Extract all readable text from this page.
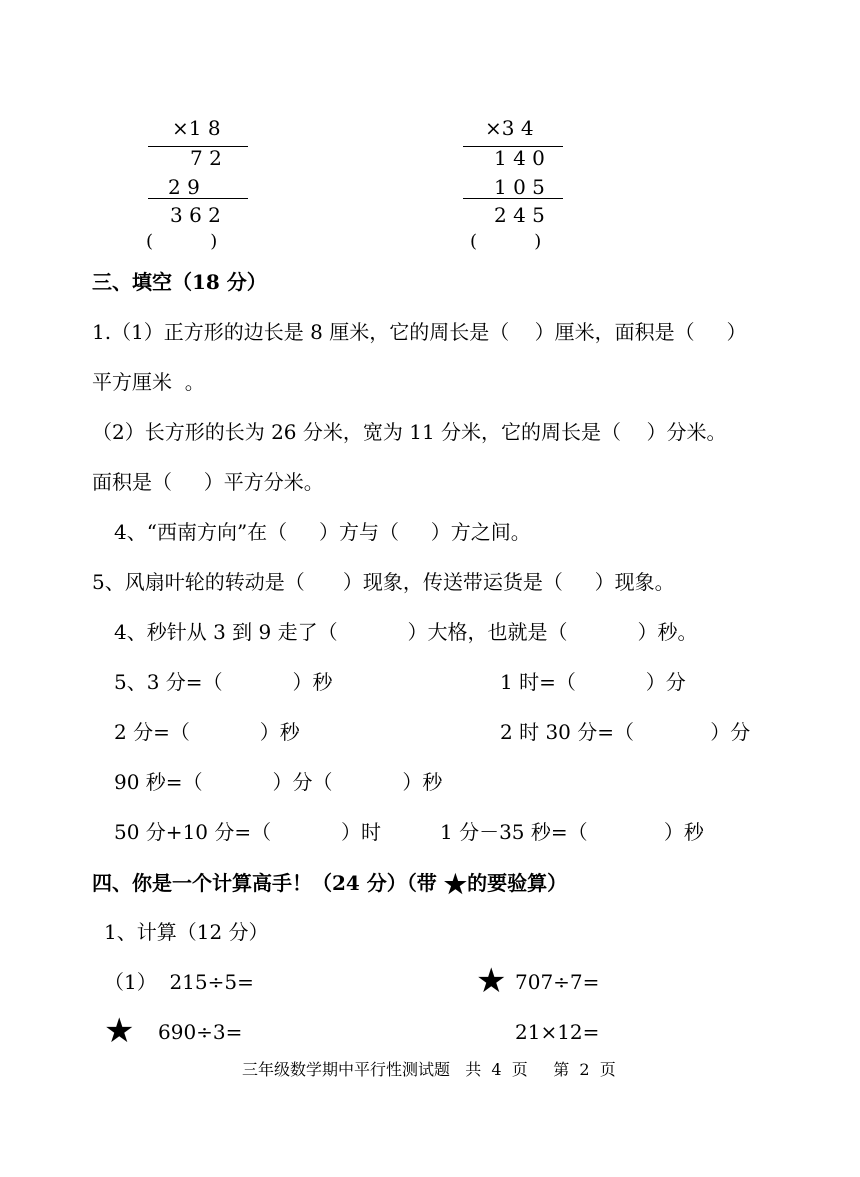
×1 8
7 2
2 9
3 6 2
(          )
×3 4
1 4 0
1 0 5
2 4 5
(          )
三、填空（18 分）
1.（1）正方形的边长是 8 厘米，它的周长是（    ）厘米，面积是（     ）
平方厘米  。
（2）长方形的长为 26 分米，宽为 11 分米，它的周长是（    ）分米。
面积是（     ）平方分米。
4、“西南方向”在（     ）方与（     ）方之间。
5、风扇叶轮的转动是（      ）现象，传送带运货是（     ）现象。
4、秒针从 3 到 9 走了（           ）大格，也就是（           ）秒。
5、3 分=（           ）秒	1 时=（           ）分
2 分=（           ）秒	2 时 30 分=（            ）分
90 秒=（           ）分（           ）秒
50 分+10 分=（           ）时	1 分－35 秒=（            ）秒
四、你是一个计算高手！（24 分）（带 ★的要验算）
1、计算（12 分）
（1）  215÷5=	★ 707÷7=
★ 690÷3=	21×12=
三年级数学期中平行性测试题   共  4  页     第  2  页
